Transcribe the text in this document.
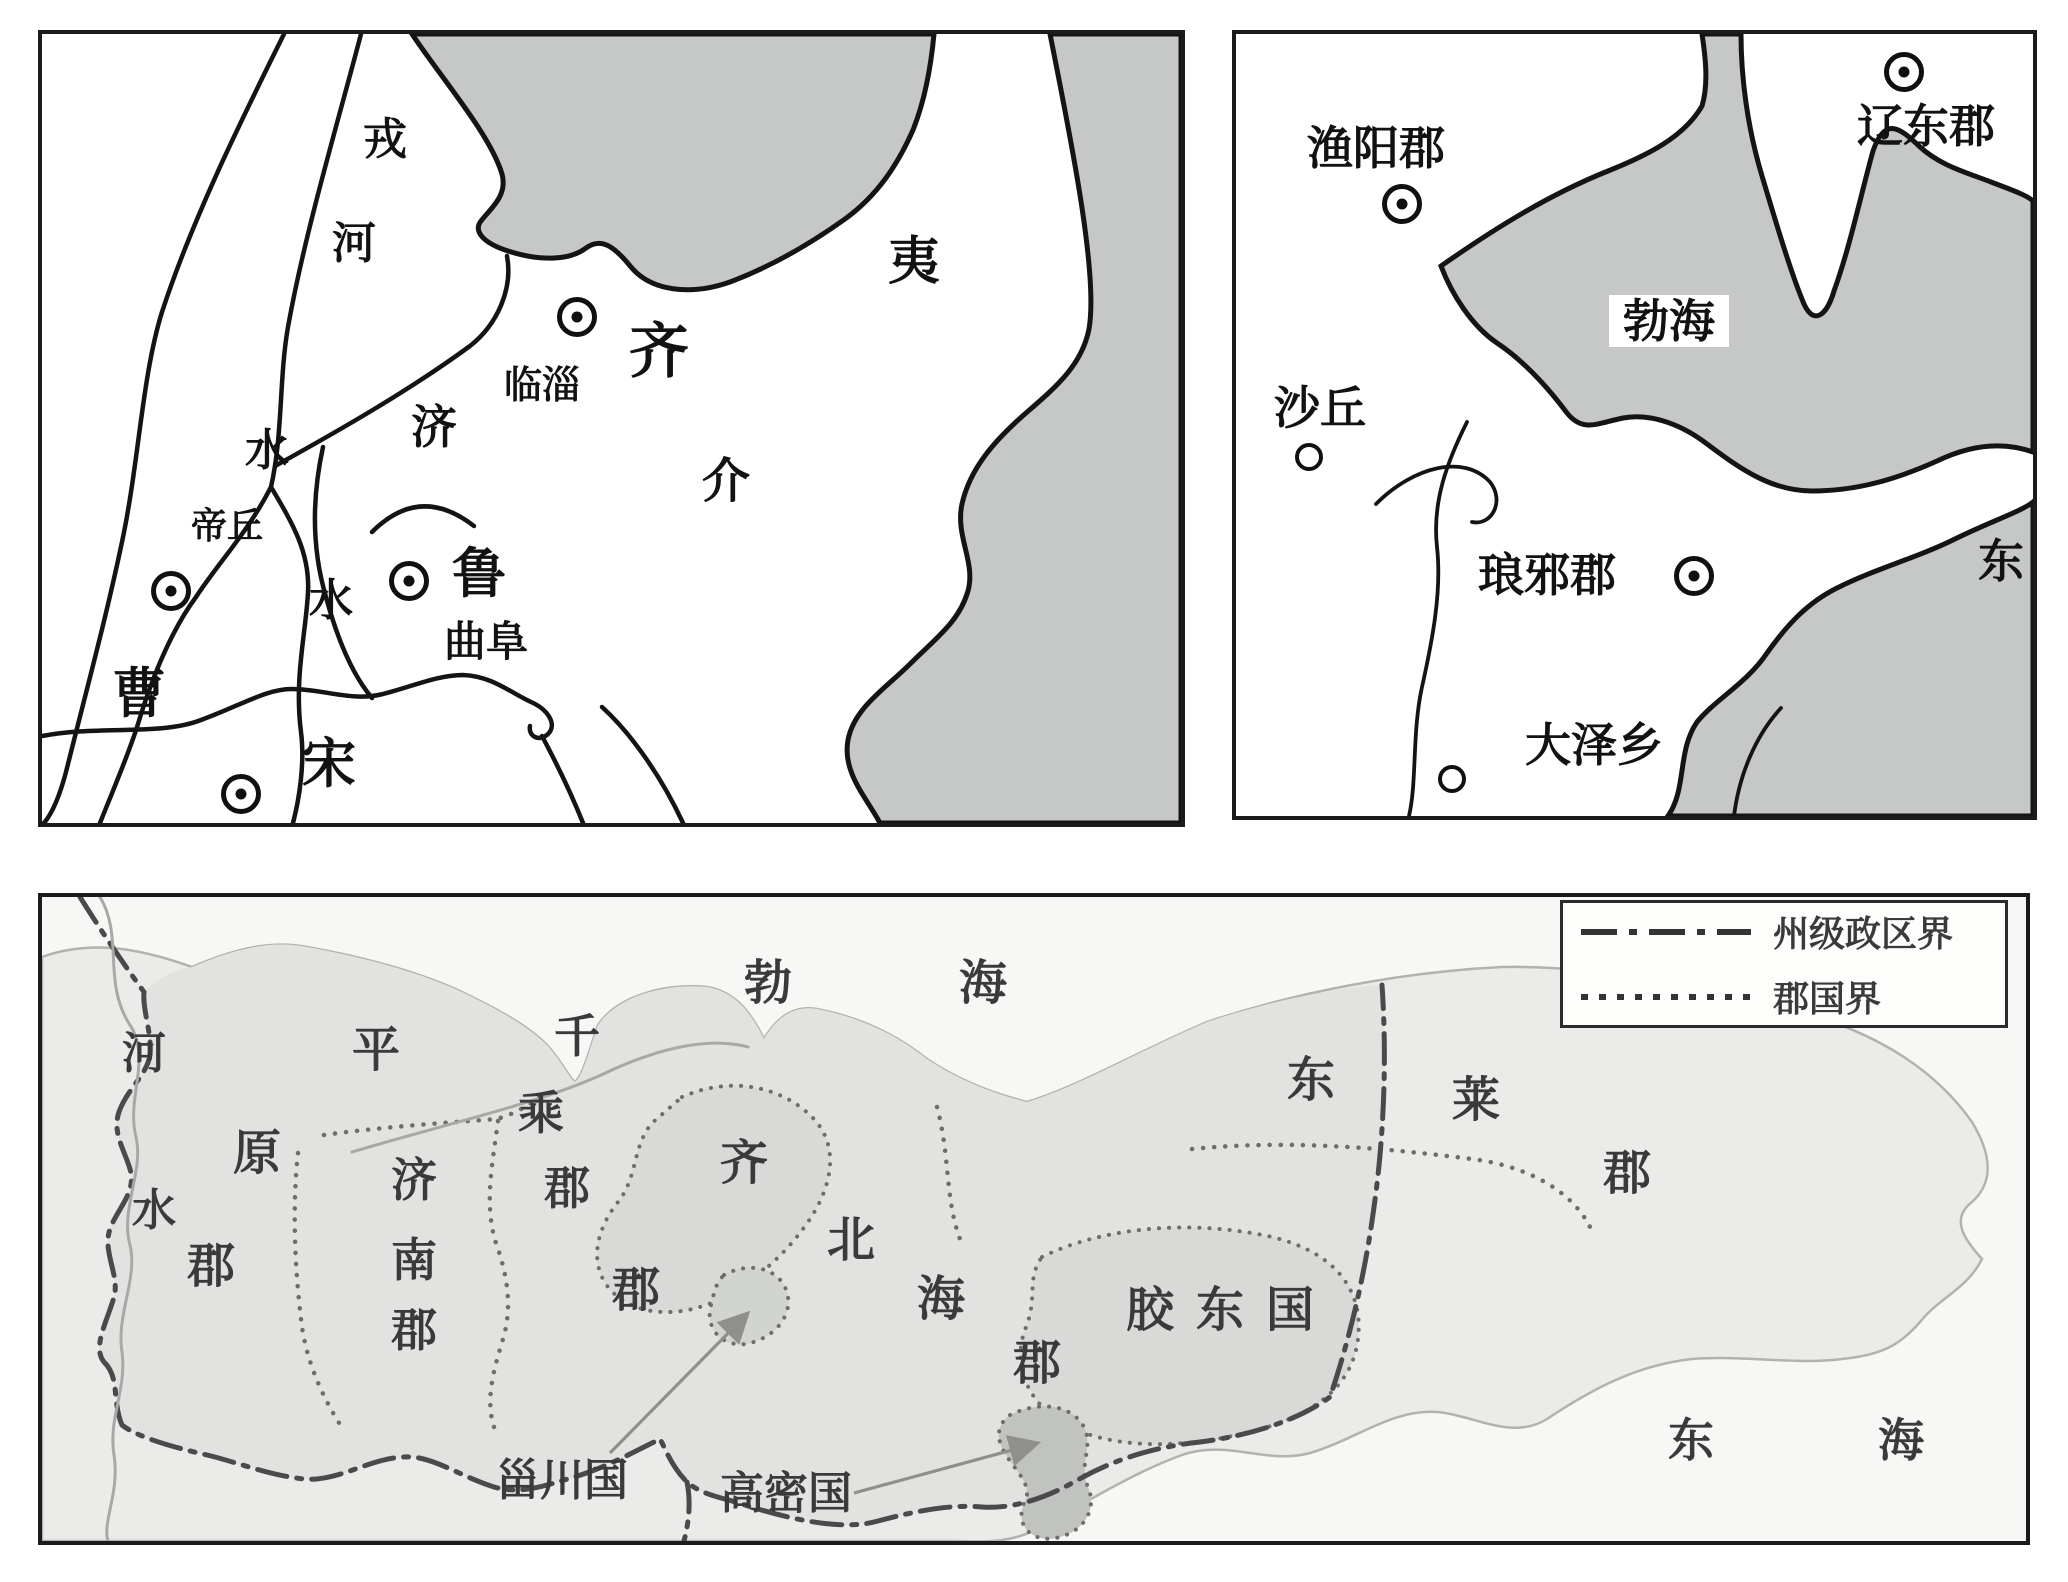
戎
河
水	济
水
临淄
齐
夷
介
帝丘
鲁
曲阜
曹
宋
渔阳郡	辽东郡
勃海
沙丘
琅邪郡
大泽乡
东
州级政区界
郡国界
勃	海
河
水
平
原
郡
济
南
郡
千
乘
郡	齐
郡
北
海
郡
胶东国
东 莱
郡
东	海
甾川国 高密国
